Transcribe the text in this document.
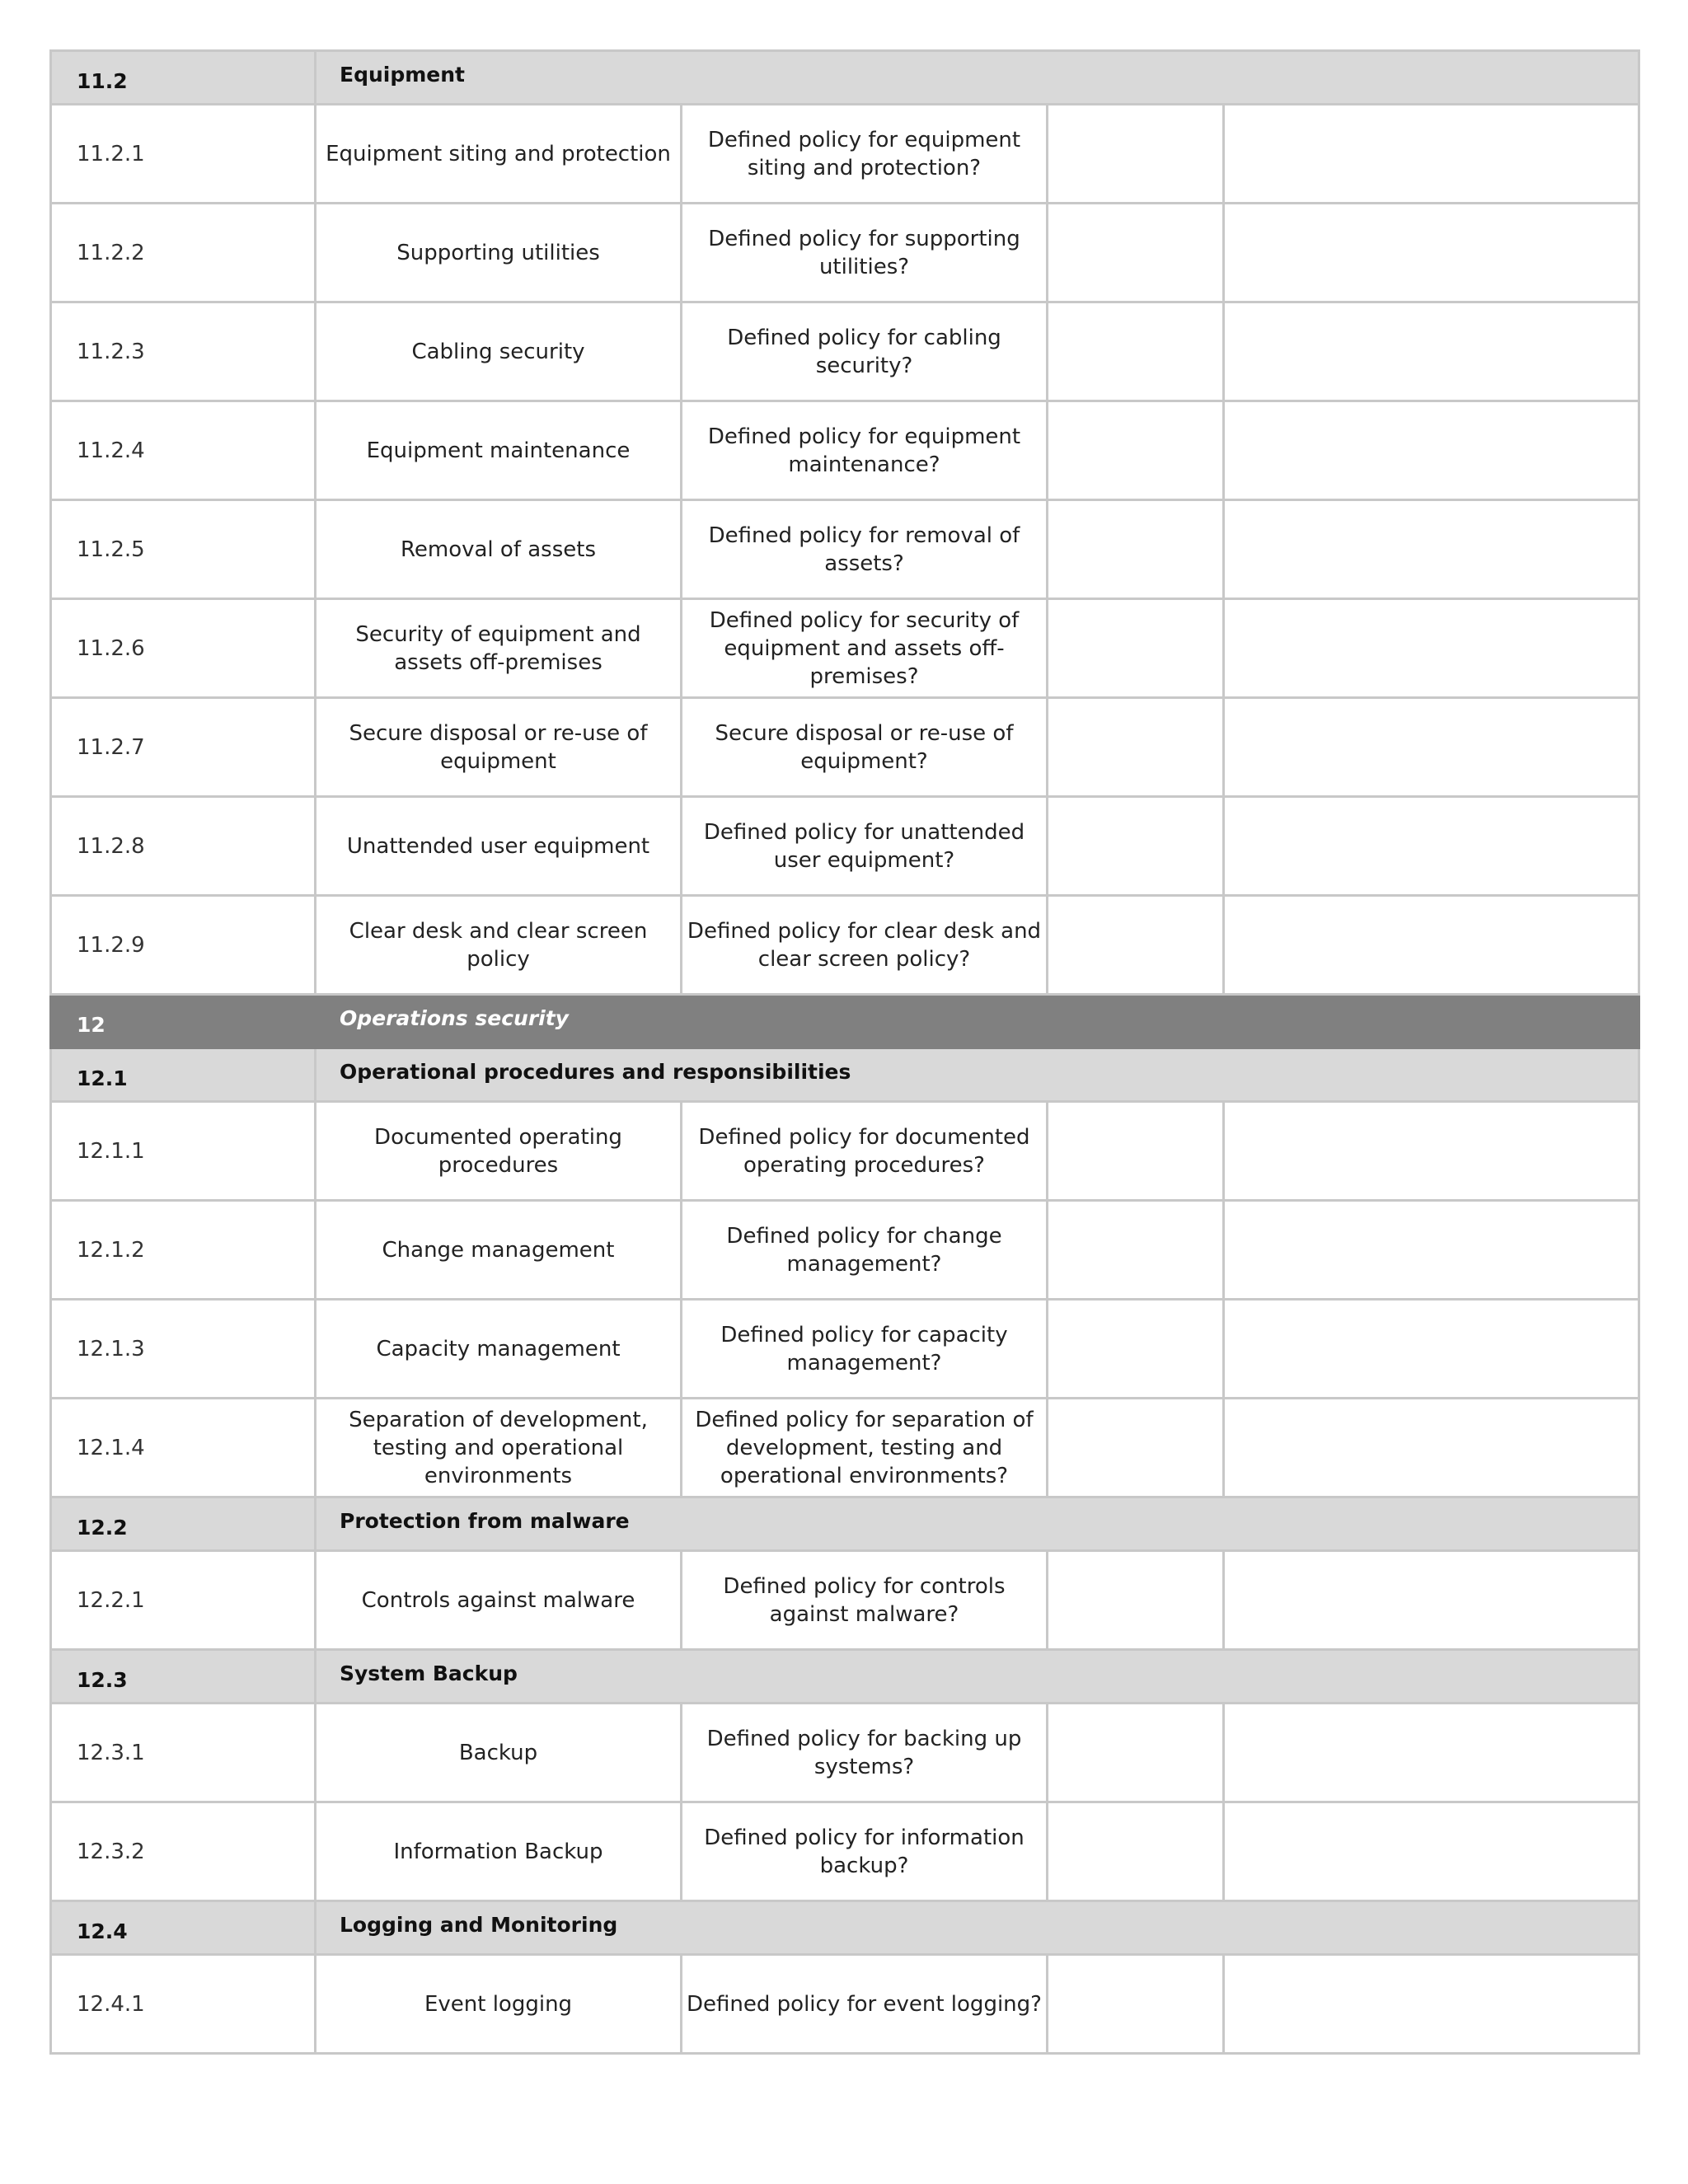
11.2	Equipment			
11.2.1	Equipment siting and protection	Defined policy for equipment siting and protection?		
11.2.2	Supporting utilities	Defined policy for supporting utilities?		
11.2.3	Cabling security	Defined policy for cabling security?		
11.2.4	Equipment maintenance	Defined policy for equipment maintenance?		
11.2.5	Removal of assets	Defined policy for removal of assets?		
11.2.6	Security of equipment and assets off-premises	Defined policy for security of equipment and assets off-premises?		
11.2.7	Secure disposal or re-use of equipment	Secure disposal or re-use of equipment?		
11.2.8	Unattended user equipment	Defined policy for unattended user equipment?		
11.2.9	Clear desk and clear screen policy	Defined policy for clear desk and clear screen policy?		
12	Operations security			
12.1	Operational procedures and responsibilities			
12.1.1	Documented operating procedures	Defined policy for documented operating procedures?		
12.1.2	Change management	Defined policy for change management?		
12.1.3	Capacity management	Defined policy for capacity management?		
12.1.4	Separation of development, testing and operational environments	Defined policy for separation of development, testing and operational environments?		
12.2	Protection from malware			
12.2.1	Controls against malware	Defined policy for controls against malware?		
12.3	System Backup			
12.3.1	Backup	Defined policy for backing up systems?		
12.3.2	Information Backup	Defined policy for information backup?		
12.4	Logging and Monitoring			
12.4.1	Event logging	Defined policy for event logging?		
